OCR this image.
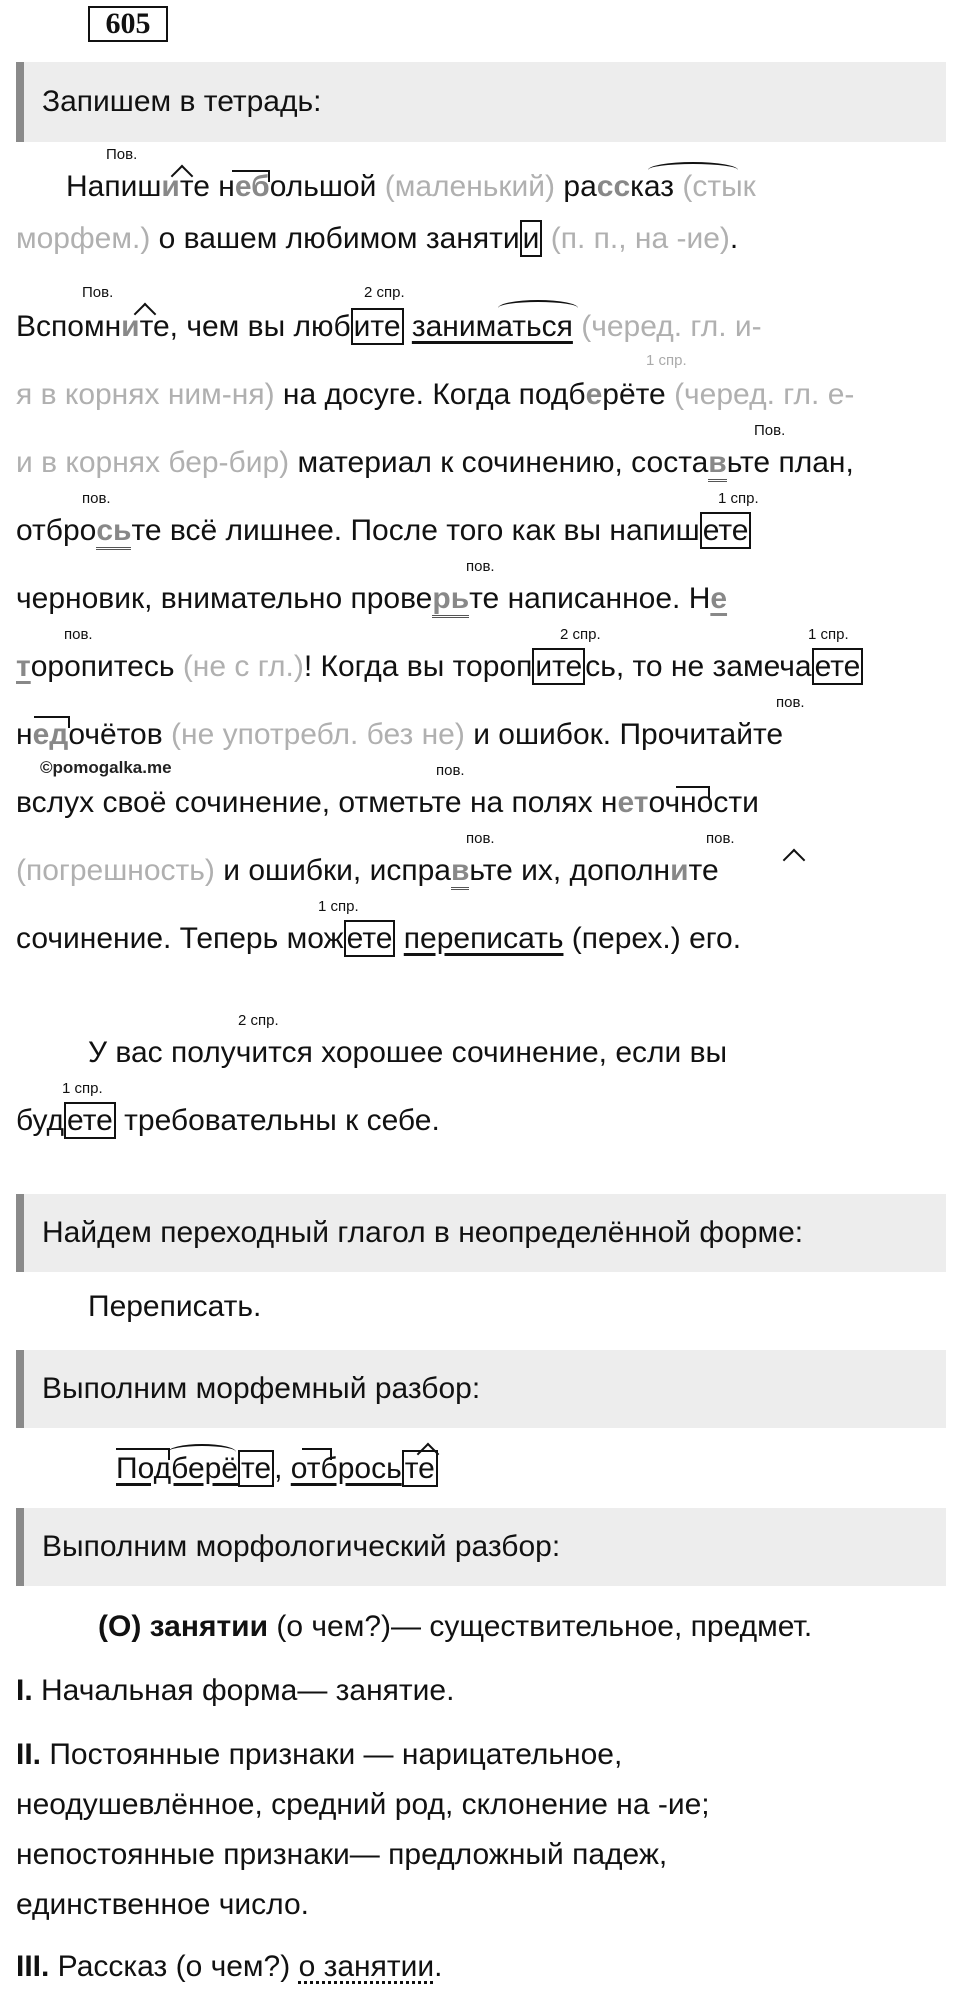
605
Запишем в тетрадь:
Пов.
Напишите небольшой (маленький) рассказ (стык
морфем.) о вашем любимом заняти и (п. п., на -ие).
Пов.	2 спр.
Вспомните, чем вы люб ите заниматься (черед. гл. и-
1 спр.
я в корнях ним-ня) на досуге. Когда подберёте (черед. гл. е-
Пов.
и в корнях бер-бир) материал к сочинению, составьте план,
пов.	1 спр.
отбросьте всё лишнее. После того как вы напиш ете
пов.
черновик, внимательно проверьте написанное. Не
пов.	2 спр.	1 спр.
торопитесь (не с гл.)! Когда вы тороп ите сь, то не замеча ете
пов.
недочётов (не употребл. без не) и ошибок. Прочитайте
©pomogalka.me	пов.
вслух своё сочинение, отметьте на полях неточности
пов.	пов.
(погрешность) и ошибки, исправьте их, дополните
1 спр.
сочинение. Теперь мож ете переписать (перех.) его.
2 спр.
У вас получится хорошее сочинение, если вы
1 спр.
буд ете требовательны к себе.
Найдем переходный глагол в неопределённой форме:
Переписать.
Выполним морфемный разбор:
Подберё те , отбрось те
Выполним морфологический разбор:
(О) занятии (о чем?)— существительное, предмет.
I. Начальная форма— занятие.
II. Постоянные признаки — нарицательное,
неодушевлённое, средний род, склонение на -ие;
непостоянные признаки— предложный падеж,
единственное число.
III. Рассказ (о чем?) о занятии.
